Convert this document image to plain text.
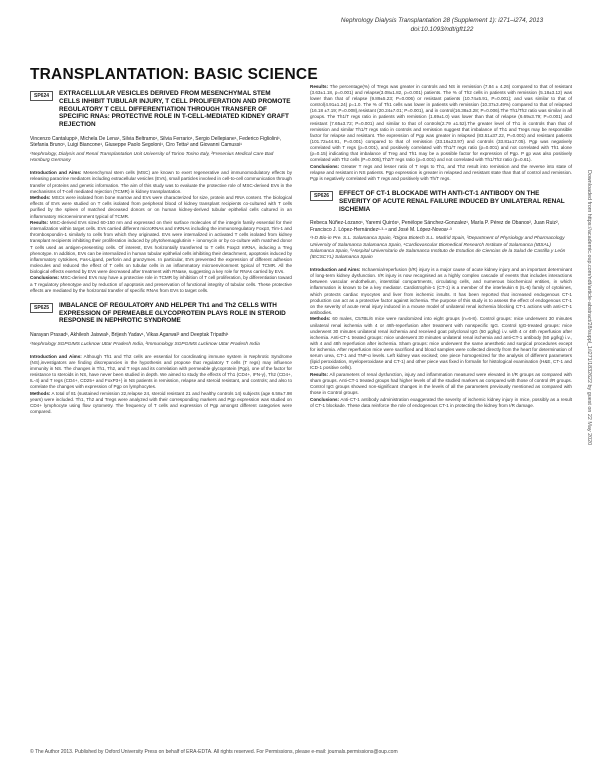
Nephrology Dialysis Transplantation 28 (Supplement 1): i271–i274, 2013
doi:10.1093/ndt/gft122
TRANSPLANTATION: BASIC SCIENCE
SP624	EXTRACELLULAR VESICLES DERIVED FROM MESENCHYMAL STEM CELLS INHIBIT TUBULAR INJURY, T CELL PROLIFERATION AND PROMOTE REGULATORY T CELL DIFFERENTIATION THROUGH TRANSFER OF SPECIFIC RNAs: PROTECTIVE ROLE IN T-CELL-MEDIATED KIDNEY GRAFT REJECTION

Vincenzo Cantaluppi¹, Michela De Lena¹, Silvia Beltramo¹, Silvia Ferrario¹, Sergio Dellepiane¹, Federico Figliolini¹, Stefania Bruno¹, Luigi Biancone¹, Giuseppe Paolo Segoloni¹, Ciro Tetta² and Giovanni Camussi¹

¹Nephrology, Dialysis and Renal Transplantation Unit University of Torino Torino Italy, ²Fresenius Medical Care Bad Homburg Germany

Introduction and Aims: Mesenchymal stem cells (MSC) are known to exert regenerative and immunomodulatory effects by releasing paracrine mediators including extracellular vesicles (EVs), small particles involved in cell-to-cell communication through transfer of proteins and genetic information. The aim of this study was to evaluate the protective role of MSC-derived EVs in the mechanisms of T-cell mediated rejection (TCMR) in kidney transplantation.

Methods: MSCs were isolated from bone marrow and EVs were characterized for size, protein and RNA content. The biological effects of EVs were studied on T cells isolated from peripheral blood of kidney transplant recipients co-cultured with T cells purified by the spleen of matched deceased donors or on human kidney-derived tubular epithelial cells cultured in an inflammatory microenvironment typical of TCMR.

Results: MSC-derived EVs sized 60-150 nm and expressed on their surface molecules of the integrin family essential for their internalization within target cells. EVs carried different microRNAs and mRNAs including the immunoregulatory Foxp3, Tim-1 and thrombospondin-1 similarly to cells from which they originated. EVs were internalized in activated T cells isolated from kidney transplant recipients inhibiting their proliferation induced by phytohemagglutinin + ionomycin or by co-culture with matched donor T cells used as antigen-presenting cells. Of interest, EVs horizontally transferred to T cells Foxp3 mRNA, inducing a Treg phenotype. In addition, EVs can be internalized in human tubular epithelial cells inhibiting their detachment, apoptosis induced by inflammatory cytokines, Fas-Ligand, perforin and granzymes. In particular, EVs prevented the expression of different adhesion molecules and reduced the effect of T cells on tubular cells in an inflammatory microenvironment typical of TCMR. All the biological effects exerted by EVs were decreased after treatment with RNase, suggesting a key role for RNAs carried by EVs.

Conclusions: MSC-derived EVs may have a protective role in TCMR by inhibition of T cell proliferation, by differentiation toward a T regulatory phenotype and by reduction of apoptosis and preservation of functional integrity of tubular cells. These protective effects are mediated by the horizontal transfer of specific RNAs from EVs to target cells.

SP625	IMBALANCE OF REGULATORY AND HELPER Th1 and Th2 CELLS WITH EXPRESSION OF PERMEABLE GLYCOPROTEIN PLAYS ROLE IN STEROID RESPONSE IN NEPHROTIC SYNDROME

Narayan Prasad¹, Akhilesh Jaiswal¹, Brijesh Yadav¹, Vikas Agarwal² and Deeptak Tripathi¹

¹Nephrology SGPGIMS Lucknow Uttar Pradesh India, ²Immunology SGPGIMS Lucknow Uttar Pradesh India

Introduction and Aims: Although Th1 and Th2 cells are essential for coordinating immune system in Nephrotic Syndrome (NS),investigators are finding discrepancies in the hypothesis and propose that regulatory T cells (T regs) may influence immunity in NS. The changes in Th1, Th2, and T regs and its correlation with permeable glycoprotein (Pgp), one of the factor for resistance to steroids in NS, have never been studied in depth. We aimed to study the effects of Th1 (CD4+, IFN-γ), Th2 (CD4+, IL-4) and T regs (CD4+, CD25+ and FoxP3+) in NS patients in remission, relapse and steroid resistant, and controls; and also to correlate the changes with expression of Pgp on lymphocytes.

Methods: A total of 81 (sustained remission 22,relapse 24, steroid resistant 21 and healthy controls 14) subjects (age 6.58±7.98 years) were included. Th1, Th2 and Tregs were analyzed with their corresponding markers and Pgp expression was studied on CD4+ lymphocyte using flow cytometry. The frequency of T cells and expression of Pgp amongst different categories were compared.

Results: The percentage(%) of Tregs was greater in controls and NS in remission (7.84 ± 4.26) compared to that of resistant (3.63±1.18, p=0.001) and relapse(3.08±1.82, p=0.001) patients. The % of Th2 cells in patients with remission (5.18±3.12) was lower than that of relapse (9.89±5.23; P=0.006) or resistant patients (10.74±5.91, P=0.001); and was similar to that of control(4.91±1.24) p=1.0. The % of Th1 cells was lower in patients with remission (10.37±3.49%) compared to that of relapsed (16.18 ±7.19; P=0.008),resistant (20.24±7.01; P=0.001), and in control(16.38±3.28; P=0.006).The Th1/Th2 ratio was similar in all groups. The Th1/T regs ratio in patients with remission (1.69±1.0) was lower than that of relapse (6.69±3.79; P=0.001) and resistant (7.65±3.72; P=0.001) and similar to that of controls(2.79 ±1.52).The greater level of Th1 in controls than that of remission and similar Th1/T regs ratio in controls and remission suggest that imbalance of Th1 and Tregs may be responsible factor for relapse and resistant. The expression of Pgp was greater in relapsed (83.51±37.22, P=0.001) and resistant patients (101.72±44.91, P=0.001) compared to that of remission (33.16±23.97) and controls (33.81±17.05). Pgp was negatively correlated with T regs (p=0.001), and positively correlated with Th1/T regs ratio (p=0.001) and not correlated with Th1 alone (p=0.15) indicating that imbalance of Treg and Th1 may be a possible factor for expression of Pgp. P gp was also positively correlated with Th2 cells (P=0.005),Th2/T regs ratio (p=0.001) and not correlated with Th1/Th2 ratio (p=0.61).

Conclusions: Greater T regs and lesser ratio of T regs to Th1, and Th2 result into remission and the reverse into state of relapse and resistant in NS patients. Pgp expression is greater in relapsed and resistant state than that of control and remission. Pgp is negatively correlated with T regs and positively with Th/T regs.

SP626	EFFECT OF CT-1 BLOCKADE WITH ANTI-CT-1 ANTIBODY ON THE SEVERITY OF ACUTE RENAL FAILURE INDUCED BY UNILATERAL RENAL ISCHEMIA

Rebeca Núñez-Lozano¹, Yaremi Quirós¹, Penélope Sánchez-Gonzalez¹, María P. Pérez de Obanos², Juan Ruiz², Francisco J. López-Hernández¹·³·⁴ and José M. López-Novoa¹·³

¹I-D Bio-in Pre. S.L. Salamanca Spain, ²Digna Biotech S.L. Madrid Spain, ³Department of Physiology and Pharmacology University of Salamanca Salamanca Spain, ⁴Cardiovascular Biomedical Research Institute of Salamanca (IBSAL) Salamanca Spain, ⁵Hospital Universitario de Salamanca Instituto de Estudios de Ciencias de la Salud de Castilla y León (IECSCYL) Salamanca Spain

Introduction and Aims: Ischaemia/reperfusion (I/R) injury is a major cause of acute kidney injury and an important determinant of long-term kidney dysfunction. I/R injury is now recognised as a highly complex cascade of events that includes interactions between vascular endothelium, interstitial compartments, circulating cells, and numerous biochemical entities, in which inflammation is known to be a key mediator. Cardiotrophin-1 (CT-1) is a member of the interleukin 6 (IL-6) family of cytokines, which protects cardiac myocytes and liver from ischemic insults. It has been reported that increased endogenous CT-1 production can act as a protective factor against ischemia. The purpose of this study is to assess the effect of endogenous CT-1 on the severity of acute renal injury induced in a mouse model of unilateral renal ischemia blocking CT-1 actions with anti-CT-1 antibodies.

Methods: 60 males, C57BL/6 mice were randomized into eight groups (n=6-8). Control groups: mice underwent 30 minutes unilateral renal ischemia with 4 or 48h-reperfusion after treatment with nonspecific IgG. Control IgG-treated groups: mice underwent 30 minutes unilateral renal ischemia and received goat polyclonal IgG (50 μg/kg) i.v. with 4 or 48h reperfusion after ischemia. Anti-CT-1 treated groups: mice underwent 30 minutes unilateral renal ischemia and anti-CT-1 antibody (50 μg/kg) i.v., with 4 and 48h reperfusion after ischemia. Sham groups: mice underwent the same anesthetic and surgical procedures except for ischemia. After reperfusion mice were sacrificed and blood samples were collected directly from the heart for determination of serum urea, CT-1 and TNF-α levels. Left kidney was excised; one piece homogenized for the analysis of different parameters (lipid peroxidation, myeloperoxidase and CT-1) and other piece was fixed in formalin for histological examination (H&E, CT-1 and ICD-1 positive cells).

Results: All parameters of renal dysfunction, injury and inflammation measured were elevated in I/R groups as compared with sham groups. Anti-CT-1 treated groups had higher levels of all the studied markers as compared with those of control I/R groups. Control IgG groups showed non-significant changes in the levels of all the parameters previously mentioned as compared with those in Control groups.

Conclusions: Anti-CT-1 antibody administration exaggerated the severity of ischemic kidney injury in mice, possibly as a result of CT-1 blockade. These data reinforce the role of endogenous CT-1 in protecting the kidney from I/R damage.	Downloaded from https://academic.oup.com/ndt/article-abstract/28/suppl_1/i271/1832622 by guest on 22 May 2020
© The Author 2013. Published by Oxford University Press on behalf of ERA-EDTA. All rights reserved. For Permissions, please e-mail: journals.permissions@oup.com
